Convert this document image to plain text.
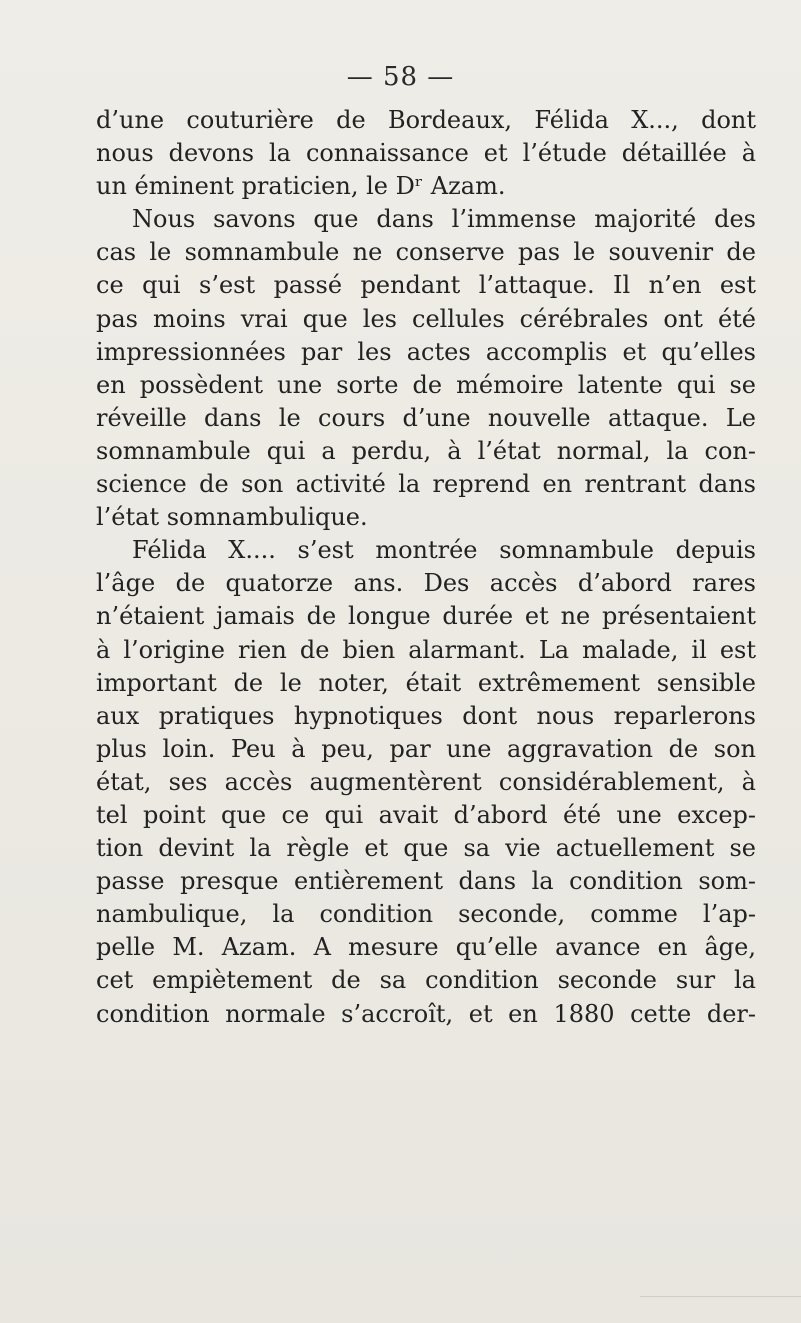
— 58 —
d’une couturière de Bordeaux, Félida X..., dont
nous devons la connaissance et l’étude détaillée à
un éminent praticien, le Dʳ Azam.
Nous savons que dans l’immense majorité des
cas le somnambule ne conserve pas le souvenir de
ce qui s’est passé pendant l’attaque. Il n’en est
pas moins vrai que les cellules cérébrales ont été
impressionnées par les actes accomplis et qu’elles
en possèdent une sorte de mémoire latente qui se
réveille dans le cours d’une nouvelle attaque. Le
somnambule qui a perdu, à l’état normal, la con-
science de son activité la reprend en rentrant dans
l’état somnambulique.
Félida X.... s’est montrée somnambule depuis
l’âge de quatorze ans. Des accès d’abord rares
n’étaient jamais de longue durée et ne présentaient
à l’origine rien de bien alarmant. La malade, il est
important de le noter, était extrêmement sensible
aux pratiques hypnotiques dont nous reparlerons
plus loin. Peu à peu, par une aggravation de son
état, ses accès augmentèrent considérablement, à
tel point que ce qui avait d’abord été une excep-
tion devint la règle et que sa vie actuellement se
passe presque entièrement dans la condition som-
nambulique, la condition seconde, comme l’ap-
pelle M. Azam. A mesure qu’elle avance en âge,
cet empiètement de sa condition seconde sur la
condition normale s’accroît, et en 1880 cette der-
